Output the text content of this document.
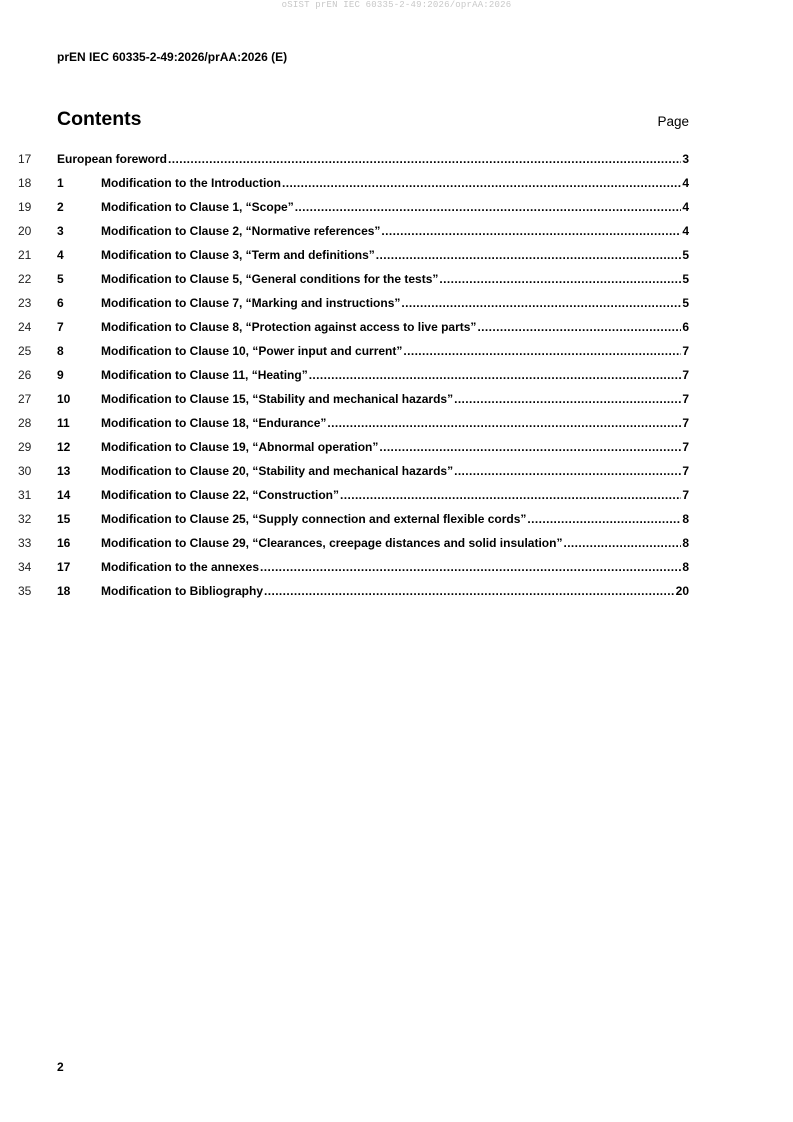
oSIST prEN IEC 60335-2-49:2026/oprAA:2026
prEN IEC 60335-2-49:2026/prAA:2026 (E)
Contents	Page
17 European foreword .....	3
18 1	Modification to the Introduction .....	4
19 2	Modification to Clause 1, “Scope” .....	4
20 3	Modification to Clause 2, “Normative references” .....	4
21 4	Modification to Clause 3, “Term and definitions” .....	5
22 5	Modification to Clause 5, “General conditions for the tests” .....	5
23 6	Modification to Clause 7, “Marking and instructions” .....	5
24 7	Modification to Clause 8, “Protection against access to live parts” .....	6
25 8	Modification to Clause 10, “Power input and current” .....	7
26 9	Modification to Clause 11, “Heating” .....	7
27 10	Modification to Clause 15, “Stability and mechanical hazards” .....	7
28 11	Modification to Clause 18, “Endurance” .....	7
29 12	Modification to Clause 19, “Abnormal operation” .....	7
30 13	Modification to Clause 20, “Stability and mechanical hazards” .....	7
31 14	Modification to Clause 22, “Construction” .....	7
32 15	Modification to Clause 25, “Supply connection and external flexible cords” .....	8
33 16	Modification to Clause 29, “Clearances, creepage distances and solid insulation” .....	8
34 17	Modification to the annexes .....	8
35 18	Modification to Bibliography .....	20
2
